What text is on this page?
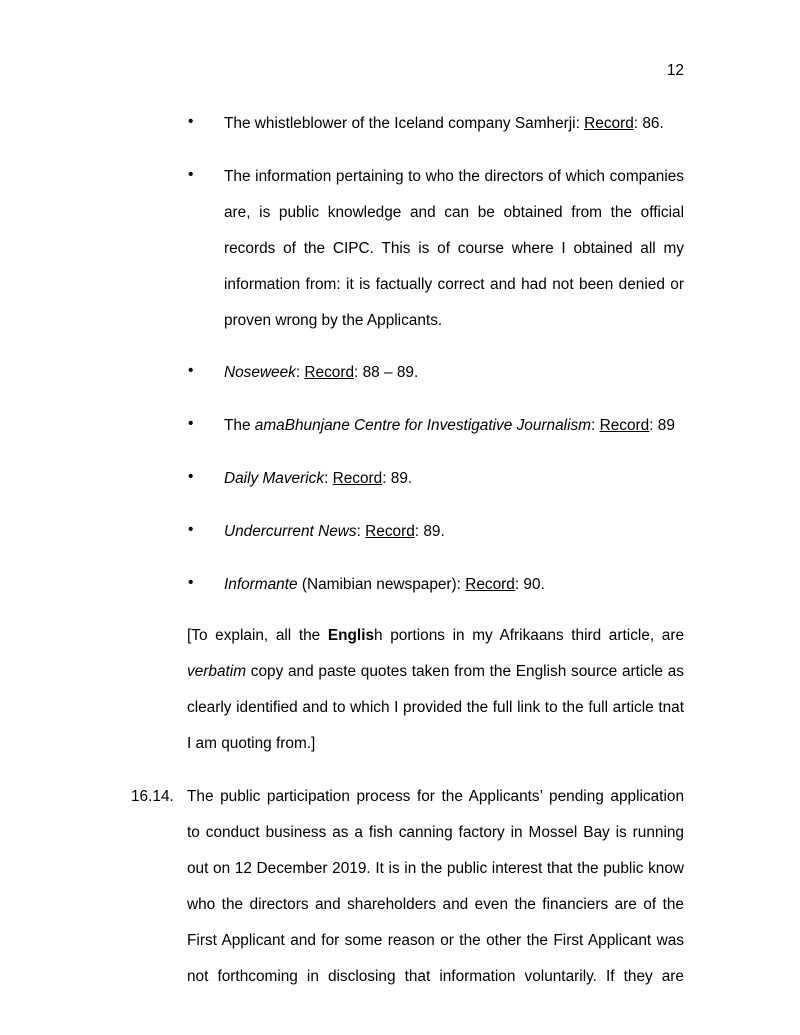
12
• The whistleblower of the Iceland company Samherji: Record: 86.
• The information pertaining to who the directors of which companies
are, is public knowledge and can be obtained from the official
records of the CIPC. This is of course where I obtained all my
information from: it is factually correct and had not been denied or
proven wrong by the Applicants.
• Noseweek: Record: 88 – 89.
• The amaBhunjane Centre for Investigative Journalism: Record: 89
• Daily Maverick: Record: 89.
• Undercurrent News: Record: 89.
• Informante (Namibian newspaper): Record: 90.
[To explain, all the English portions in my Afrikaans third article, are
verbatim copy and paste quotes taken from the English source article as
clearly identified and to which I provided the full link to the full article tnat
I am quoting from.]
16.14. The public participation process for the Applicants’ pending application
to conduct business as a fish canning factory in Mossel Bay is running
out on 12 December 2019. It is in the public interest that the public know
who the directors and shareholders and even the financiers are of the
First Applicant and for some reason or the other the First Applicant was
not forthcoming in disclosing that information voluntarily. If they are
